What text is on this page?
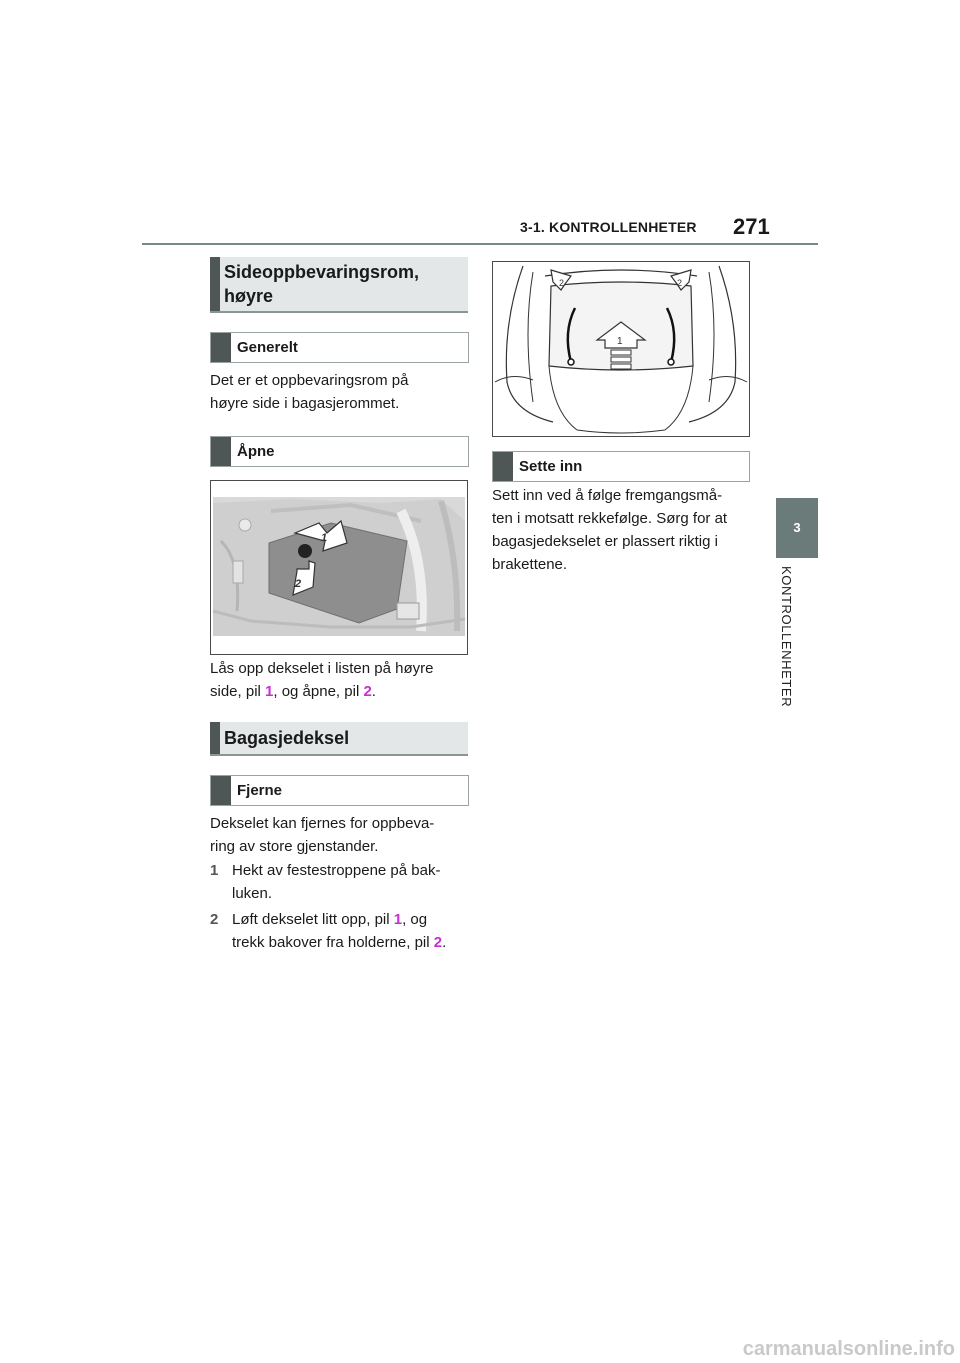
3-1. KONTROLLENHETER 271
3
KONTROLLENHETER
Sideoppbevaringsrom,
høyre
Generelt
Det er et oppbevaringsrom på
høyre side i bagasjerommet.
Åpne
1
2
Lås opp dekselet i listen på høyre
side, pil 1, og åpne, pil 2.
Bagasjedeksel
Fjerne
Dekselet kan fjernes for oppbeva-
ring av store gjenstander.
1 Hekt av festestroppene på bak-
luken.
2 Løft dekselet litt opp, pil 1, og
trekk bakover fra holderne, pil 2.
1
2	2
Sette inn
Sett inn ved å følge fremgangsmå-
ten i motsatt rekkefølge. Sørg for at
bagasjedekselet er plassert riktig i
brakettene.
carmanualsonline.info
